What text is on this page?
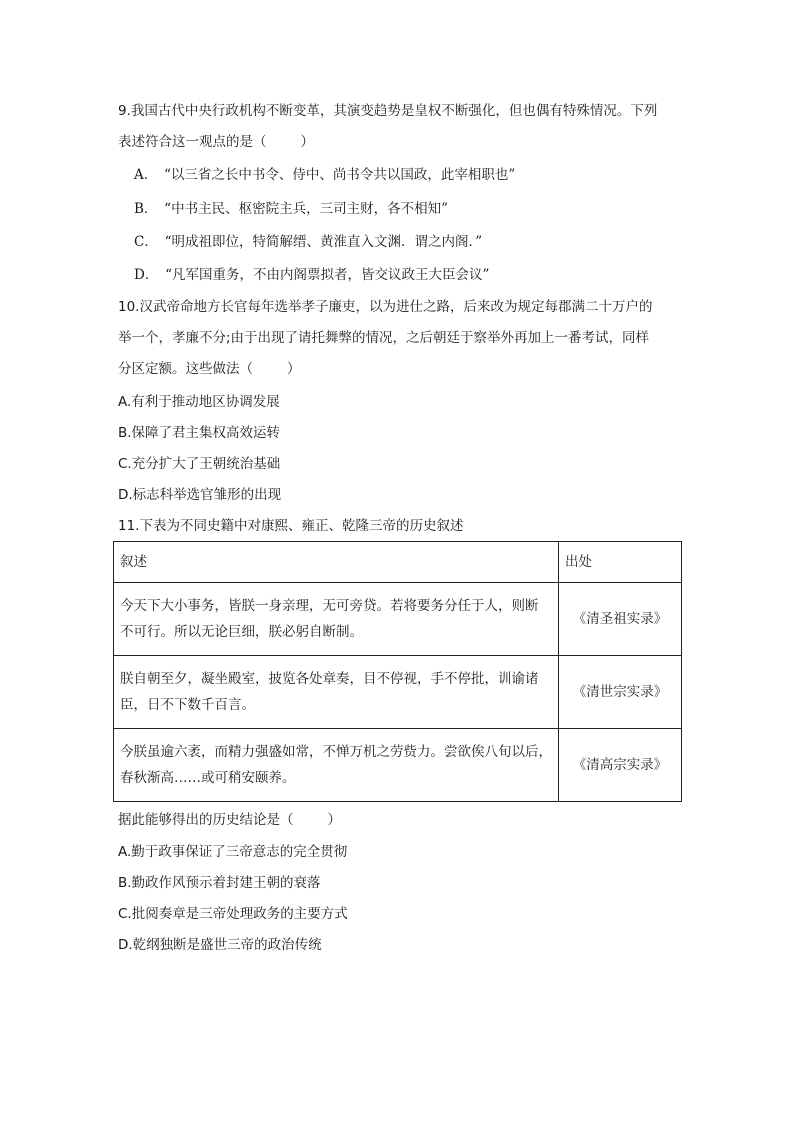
9.我国古代中央行政机构不断变革，其演变趋势是皇权不断强化，但也偶有特殊情况。下列
表述符合这一观点的是（	）
A．　“以三省之长中书令、侍中、尚书令共以国政，此宰相职也”
B．　“中书主民、枢密院主兵，三司主财，各不相知”
C．　“明成祖即位，特简解缙、黄淮直入文渊．谓之内阁．”
D．　“凡军国重务，不由内阁票拟者，皆交议政王大臣会议”
10.汉武帝命地方长官每年选举孝子廉吏，以为进仕之路，后来改为规定每郡满二十万户的
举一个，孝廉不分;由于出现了请托舞弊的情况，之后朝廷于察举外再加上一番考试，同样
分区定额。这些做法（	）
A.有利于推动地区协调发展
B.保障了君主集权高效运转
C.充分扩大了王朝统治基础
D.标志科举选官雏形的出现
11.下表为不同史籍中对康熙、雍正、乾隆三帝的历史叙述
叙述	出处

今天下大小事务，皆朕一身亲理，无可旁贷。若将要务分任于人，则断
不可行。所以无论巨细，朕必躬自断制。	《清圣祖实录》

朕自朝至夕，凝坐殿室，披览各处章奏，目不停视，手不停批，训谕诸
臣，日不下数千百言。	《清世宗实录》

今朕虽逾六袤，而精力强盛如常，不惮万机之劳赀力。尝欲俟八旬以后，
春秋渐高……或可稍安颐养。	《清高宗实录》
据此能够得出的历史结论是（	）
A.勤于政事保证了三帝意志的完全贯彻
B.勤政作风预示着封建王朝的衰落
C.批阅奏章是三帝处理政务的主要方式
D.乾纲独断是盛世三帝的政治传统
